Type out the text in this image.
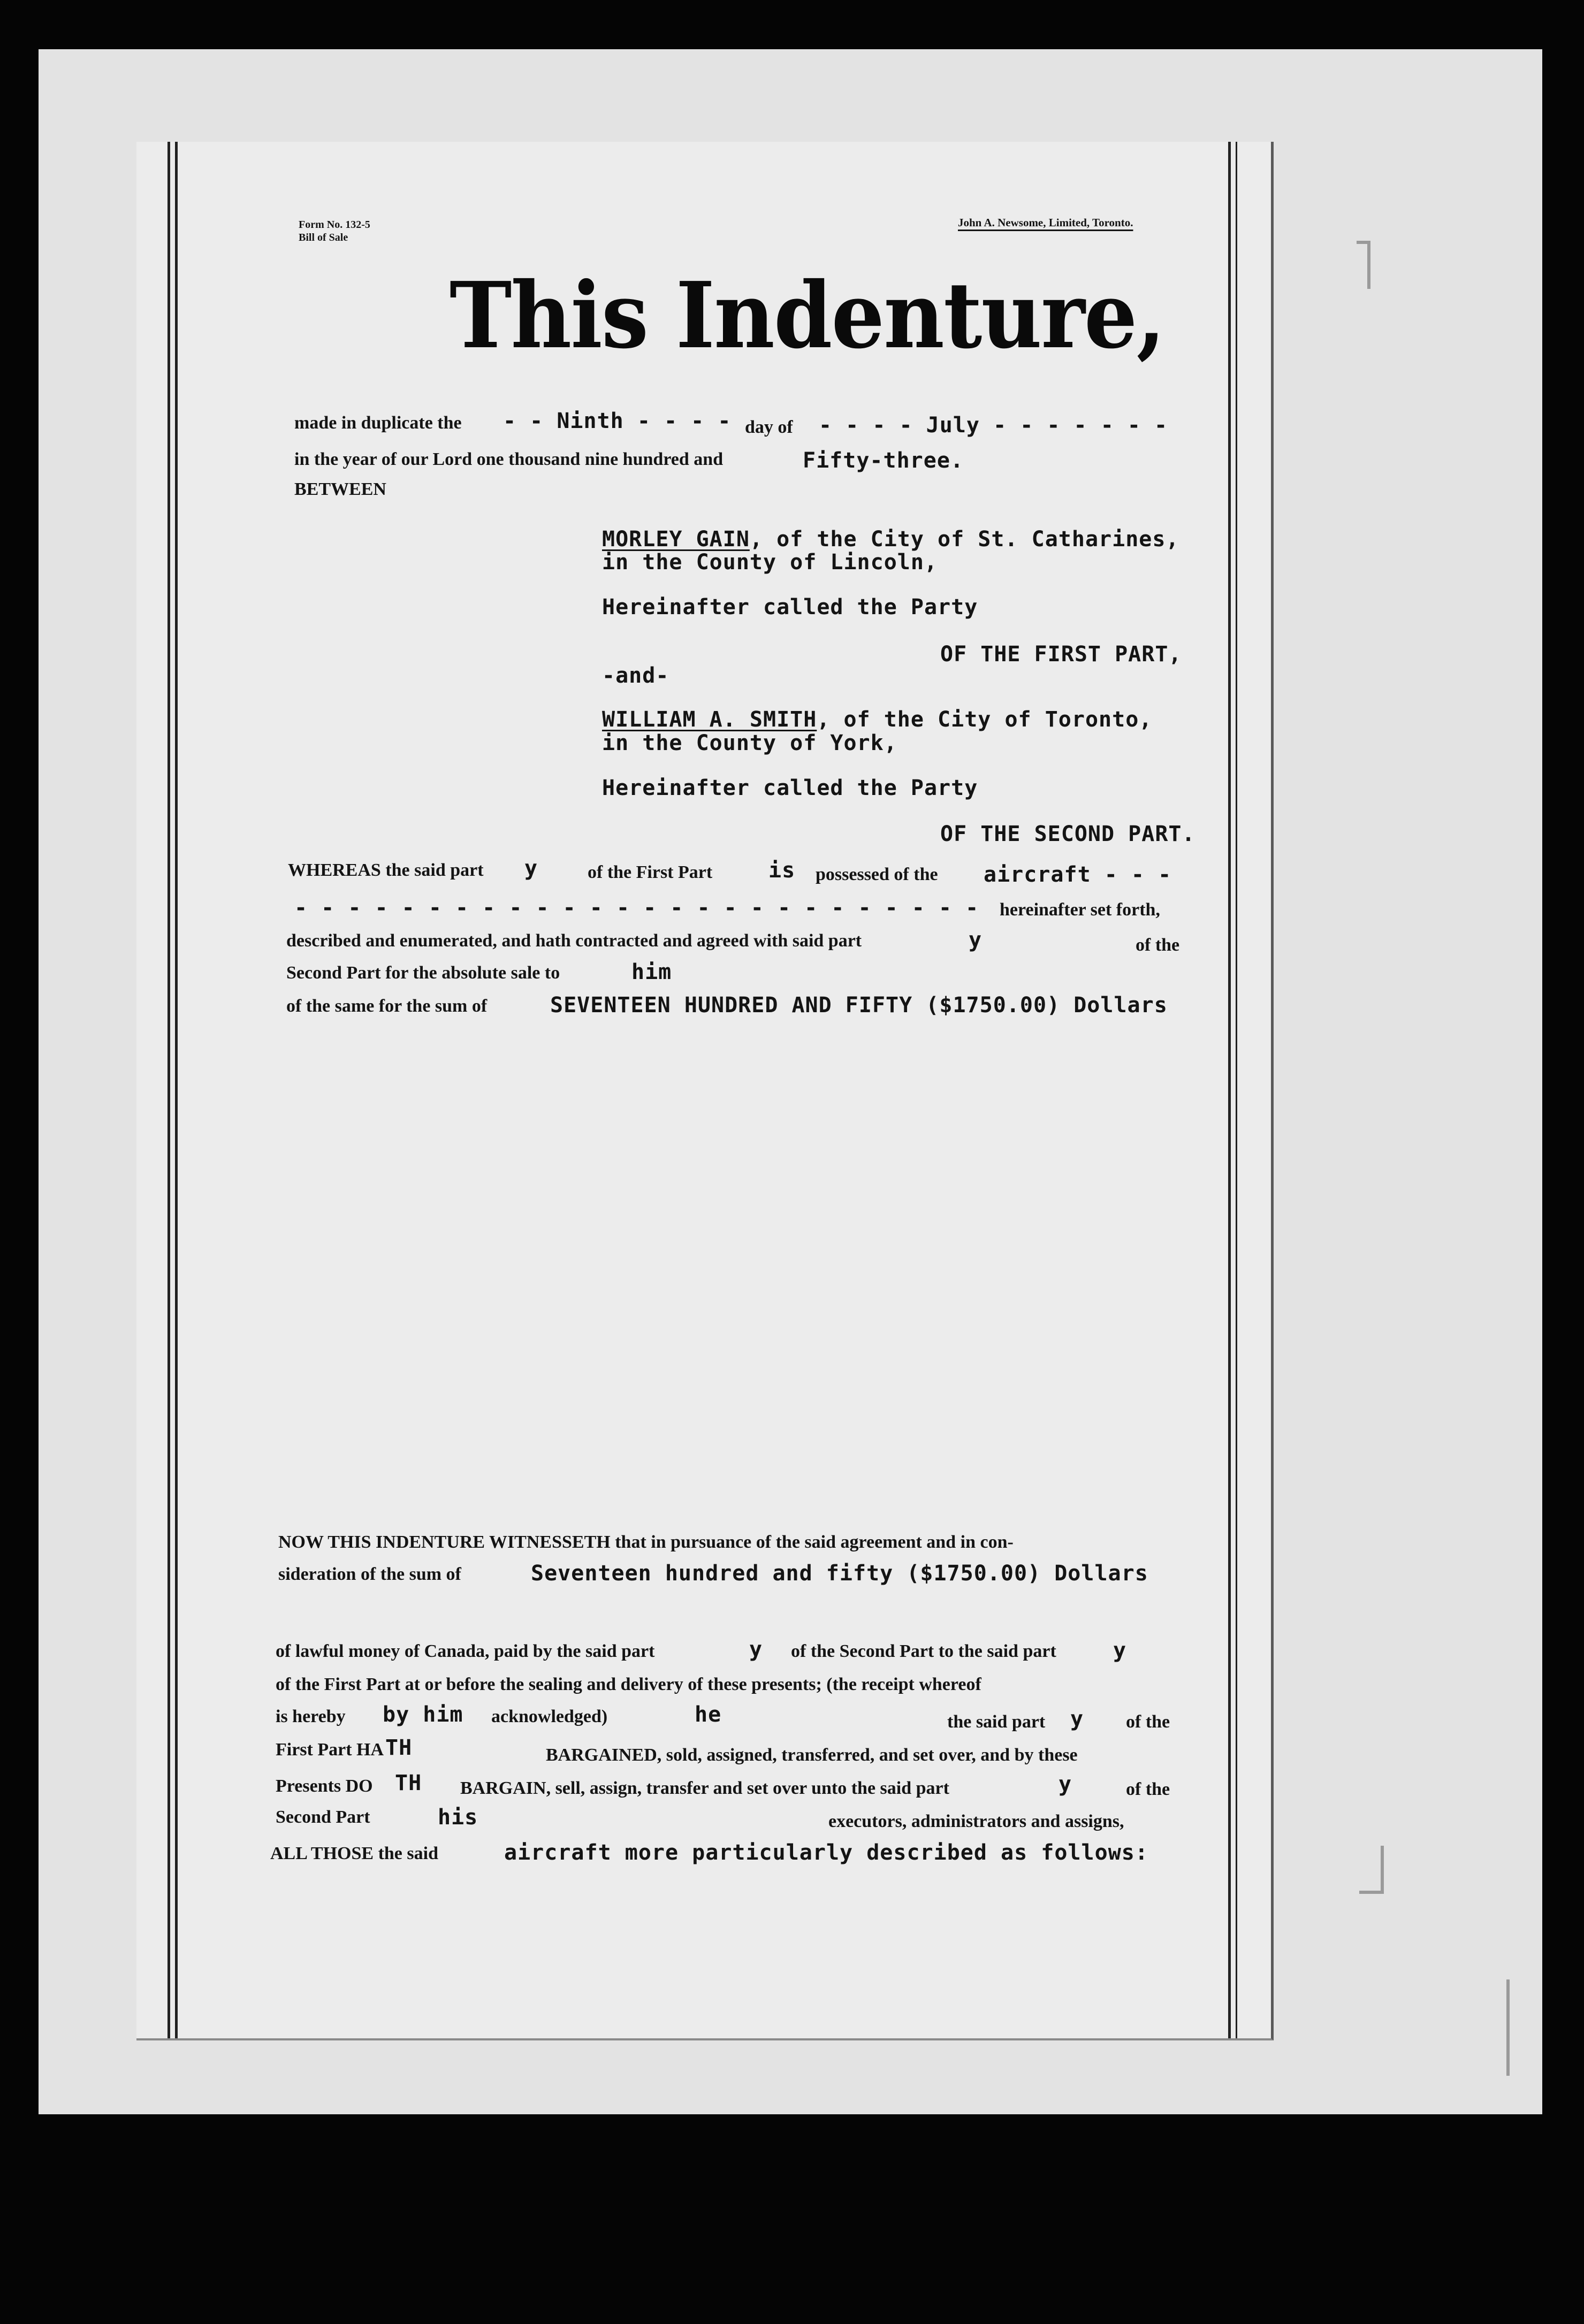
Form No. 132-5
Bill of Sale
John A. Newsome, Limited, Toronto.
This Indenture,
made in duplicate the - - Ninth - - - - day of - - - - July - - - - - - -
in the year of our Lord one thousand nine hundred and	Fifty-three.
BETWEEN
MORLEY GAIN, of the City of St. Catharines,
in the County of Lincoln,
Hereinafter called the Party
OF THE FIRST PART,
-and-
WILLIAM A. SMITH, of the City of Toronto,
in the County of York,
Hereinafter called the Party
OF THE SECOND PART.
WHEREAS the said part y	of the First Part	is possessed of the aircraft - - -
- - - - - - - - - - - - - - - - - - - - - - - - - - hereinafter set forth,
described and enumerated, and hath contracted and agreed with said part	y	of the
Second Part for the absolute sale to	him
of the same for the sum of	SEVENTEEN HUNDRED AND FIFTY ($1750.00) Dollars
NOW THIS INDENTURE WITNESSETH that in pursuance of the said agreement and in con-
sideration of the sum of	Seventeen hundred and fifty ($1750.00) Dollars
of lawful money of Canada, paid by the said part	y of the Second Part to the said part	y
of the First Part at or before the sealing and delivery of these presents; (the receipt whereof
is hereby by him acknowledged)	he	the said part y of the
First Part HA TH	BARGAINED, sold, assigned, transferred, and set over, and by these
Presents DO TH BARGAIN, sell, assign, transfer and set over unto the said part	y	of the
Second Part	his	executors, administrators and assigns,
ALL THOSE the said	aircraft more particularly described as follows:
